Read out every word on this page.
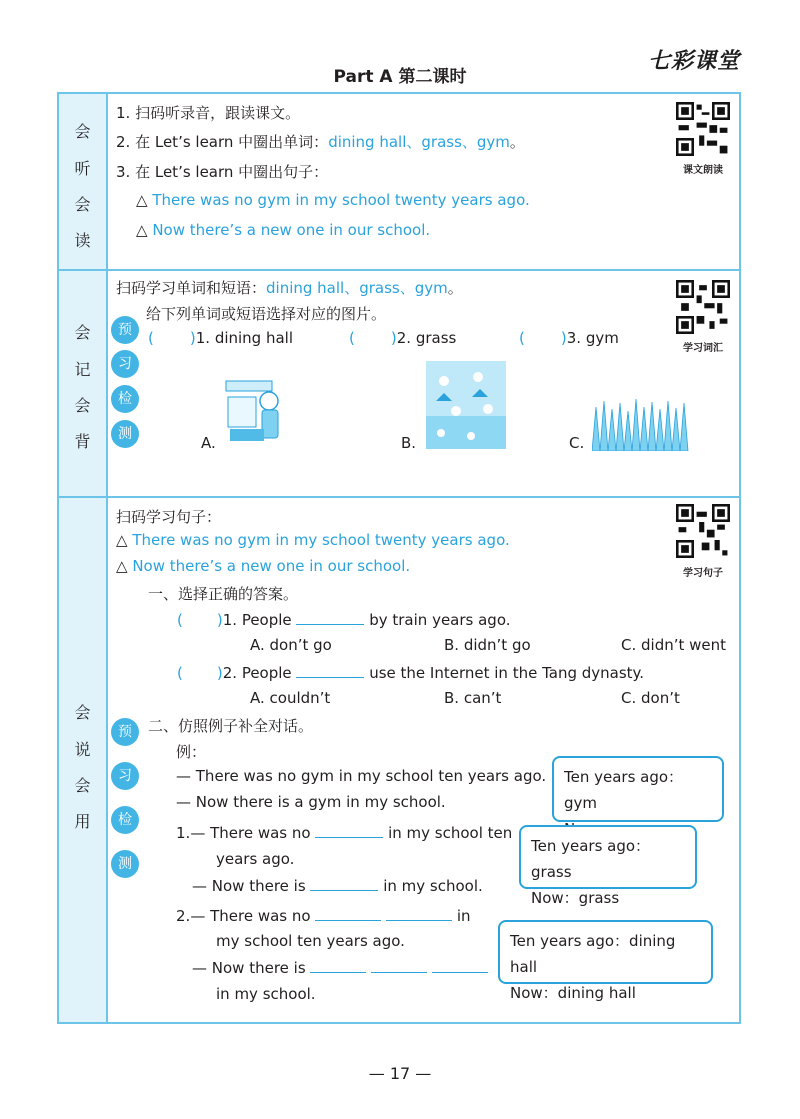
Part A 第二课时
七彩课堂
会
听
会
读
1. 扫码听录音，跟读课文。
2. 在 Let’s learn 中圈出单词：dining hall、grass、gym。
3. 在 Let’s learn 中圈出句子：
△ There was no gym in my school twenty years ago.
△ Now there’s a new one in our school.
课文朗读
会
记
会
背
预
习
检
测
扫码学习单词和短语：dining hall、grass、gym。
给下列单词或短语选择对应的图片。
( )1. dining hall	( )2. grass	( )3. gym
A.	B.	C.
学习词汇
会
说
会
用
预
习
检
测
扫码学习句子：
△ There was no gym in my school twenty years ago.
△ Now there’s a new one in our school.	学习句子
一、选择正确的答案。
( )1. People	by train years ago.
A. don’t go	B. didn’t go	C. didn’t went
( )2. People	use the Internet in the Tang dynasty.
A. couldn’t	B. can’t	C. don’t
二、仿照例子补全对话。
例：
— There was no gym in my school ten years ago.
— Now there is a gym in my school.
1.— There was no	in my school ten
years ago.
— Now there is	in my school.
2.— There was no	in
my school ten years ago.
— Now there is
in my school.
Ten years ago：gym
Ten years ago：grass
Now：grass
Ten years ago：dining hall
Now：dining hall
— 17 —
